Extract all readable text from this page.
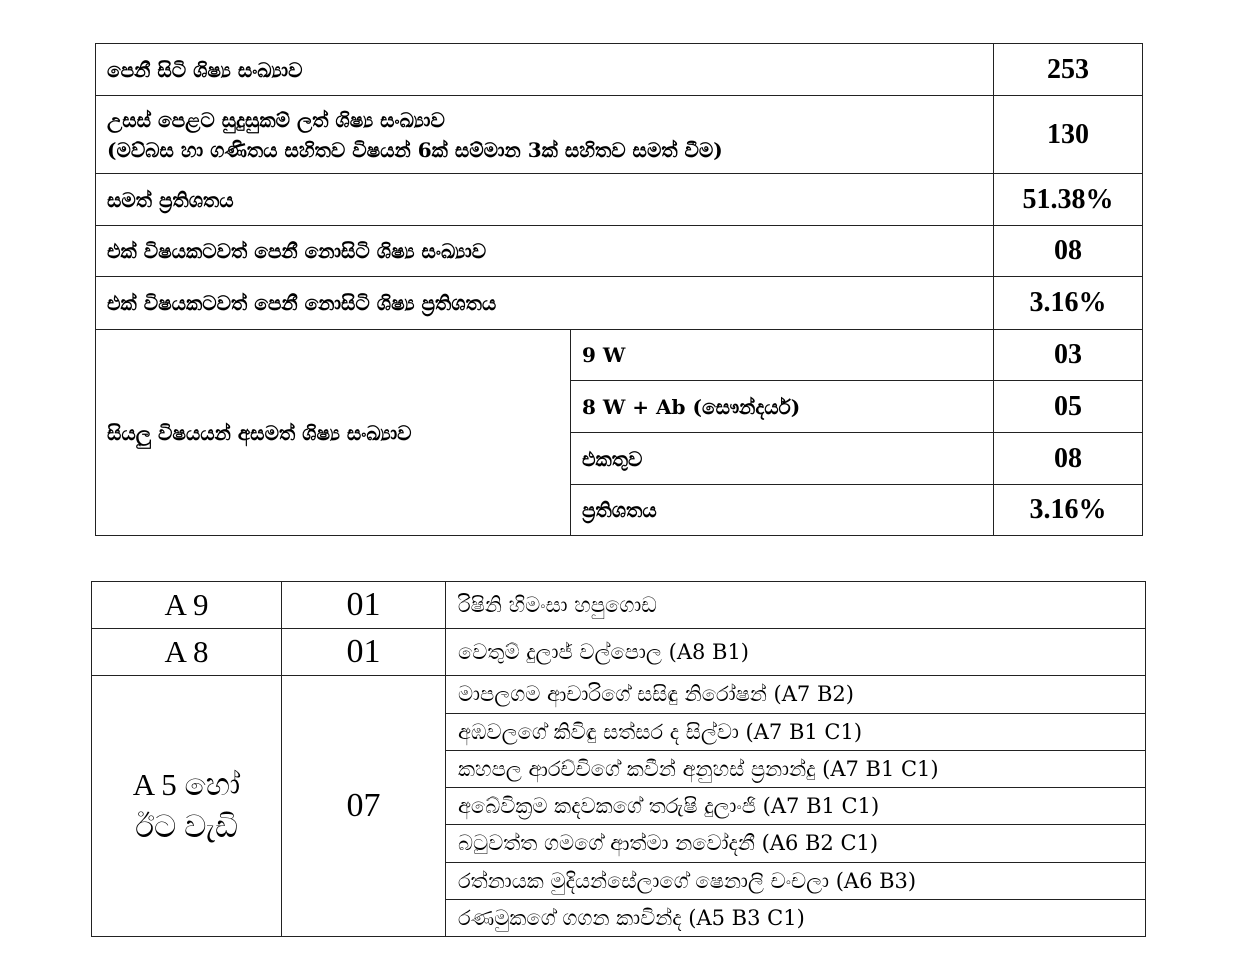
පෙනී සිටි ශිෂ්‍ය සංඛ්‍යාව		253

උසස් පෙළට සුදුසුකම් ලත් ශිෂ්‍ය සංඛ්‍යාව
(මව්බස හා ගණිතය සහිතව විෂයන් 6ක් සම්මාන 3ක් සහිතව සමත් වීම)		130
සමත් ප්‍රතිශතය		51.38%
එක් විෂයකටවත් පෙනී නොසිටි ශිෂ්‍ය සංඛ්‍යාව		08
එක් විෂයකටවත් පෙනී නොසිටි ශිෂ්‍ය ප්‍රතිශතය		3.16%
සියලු විෂයයන් අසමත් ශිෂ්‍ය සංඛ්‍යාව	9 W	03
	8 W + Ab (සෞන්දර්ය)	05
	එකතුව	08
	ප්‍රතිශතය	3.16%
A 9	01	රිෂිනි හිමංසා හපුගොඩ
A 8	01	වෙතුම් දුලාජ් වල්පොල (A8 B1)

A 5 හෝ
ඊට වැඩි	07	මාපලගම ආචාරිගේ සසිඳු නිරෝෂන් (A7 B2)
		අඹවලගේ කිවිඳු සත්සර ද සිල්වා (A7 B1 C1)
		කහපල ආරච්චිගේ කවීන් අනුහස් ප්‍රනාන්දු (A7 B1 C1)
		අබේවික්‍රම කදවකගේ තරුෂි දුලාංජි (A7 B1 C1)
		බටුවත්ත ගමගේ ආත්මා නවෝදනී (A6 B2 C1)
		රත්නායක මුදියන්සේලාගේ ෂෙනාලි චංචලා (A6 B3)
		රණමුකගේ ගගන කාවින්ද (A5 B3 C1)
